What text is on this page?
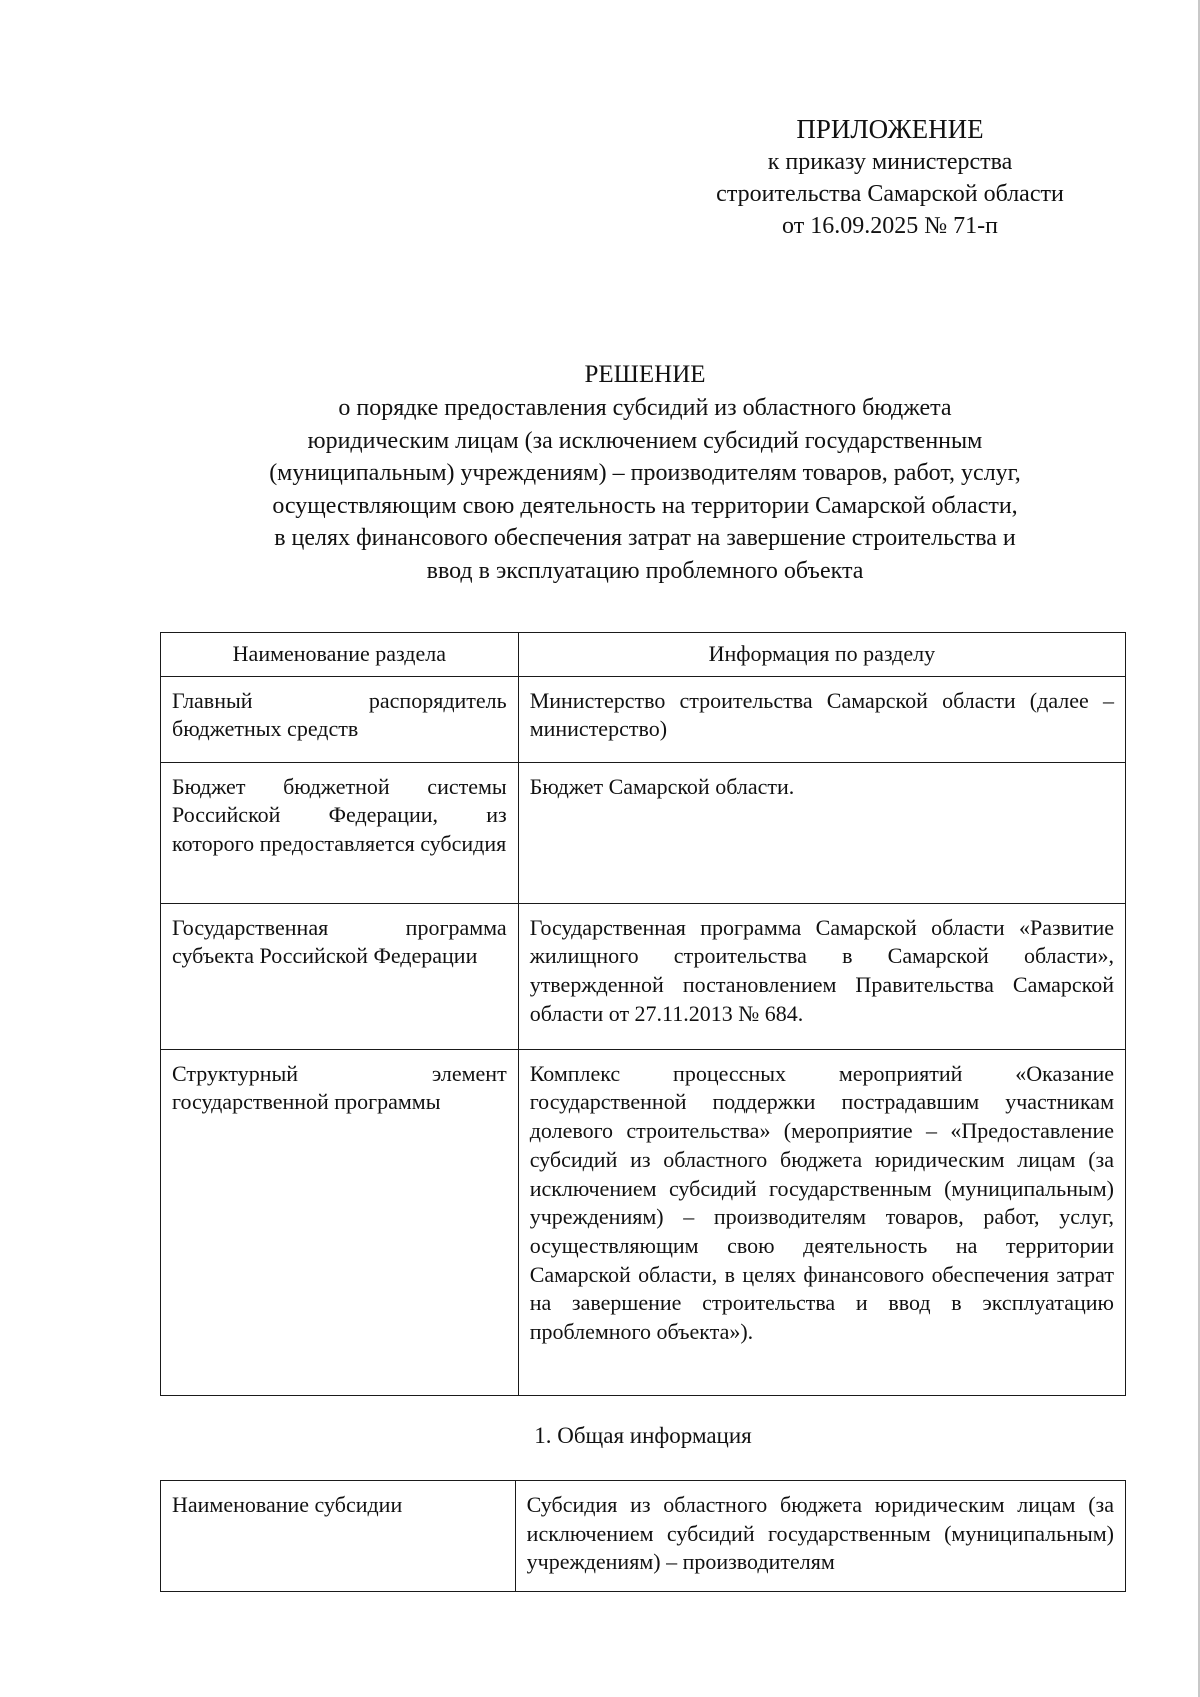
ПРИЛОЖЕНИЕ
к приказу министерства
строительства Самарской области
от 16.09.2025 № 71-п
РЕШЕНИЕ
о порядке предоставления субсидий из областного бюджета
юридическим лицам (за исключением субсидий государственным
(муниципальным) учреждениям) – производителям товаров, работ, услуг,
осуществляющим свою деятельность на территории Самарской области,
в целях финансового обеспечения затрат на завершение строительства и
ввод в эксплуатацию проблемного объекта
Наименование раздела	Информация по разделу
Главный распорядитель бюджетных средств	Министерство строительства Самарской области (далее – министерство)
Бюджет бюджетной системы Российской Федерации, из которого предоставляется субсидия	Бюджет Самарской области.
Государственная программа субъекта Российской Федерации	Государственная программа Самарской области «Развитие жилищного строительства в Самарской области», утвержденной постановлением Правительства Самарской области от 27.11.2013 № 684.
Структурный элемент государственной программы	Комплекс процессных мероприятий «Оказание государственной поддержки пострадавшим участникам долевого строительства» (мероприятие – «Предоставление субсидий из областного бюджета юридическим лицам (за исключением субсидий государственным (муниципальным) учреждениям) – производителям товаров, работ, услуг, осуществляющим свою деятельность на территории Самарской области, в целях финансового обеспечения затрат на завершение строительства и ввод в эксплуатацию проблемного объекта»).
1. Общая информация
Наименование субсидии	Субсидия из областного бюджета юридическим лицам (за исключением субсидий государственным (муниципальным) учреждениям) – производителям
